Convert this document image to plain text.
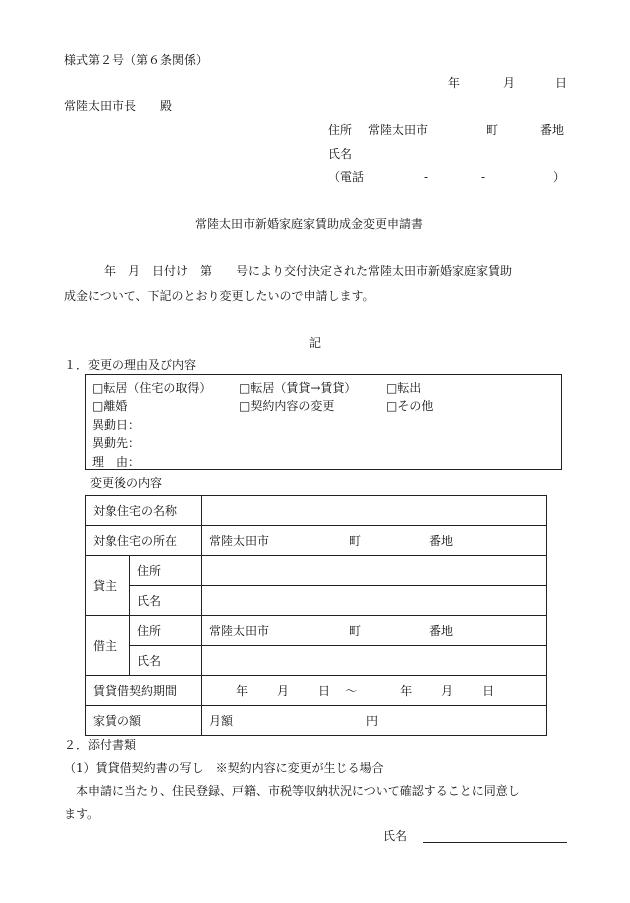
様式第２号（第６条関係）
年	月	日
常陸太田市長　　殿
住所 常陸太田市	町	番地
氏名
（電話	-	-	）
常陸太田市新婚家庭家賃助成金変更申請書
年　月　日付け　第　　号により交付決定された常陸太田市新婚家庭家賃助
成金について、下記のとおり変更したいので申請します。
記
１．変更の理由及び内容
□転居（住宅の取得） □転居（賃貸→賃貸） □転出
□離婚	□契約内容の変更	□その他
異動日：
異動先：
理　由：
変更後の内容
対象住宅の名称		
対象住宅の所在		常陸太田市 町 番地
貸主	住所	
	氏名	
借主	住所	常陸太田市 町 番地
	氏名	
賃貸借契約期間		年 月 日 ～ 年 月 日
家賃の額		月額 円
２．添付書類
（1）賃貸借契約書の写し　※契約内容に変更が生じる場合
本申請に当たり、住民登録、戸籍、市税等収納状況について確認することに同意し
ます。
氏名
